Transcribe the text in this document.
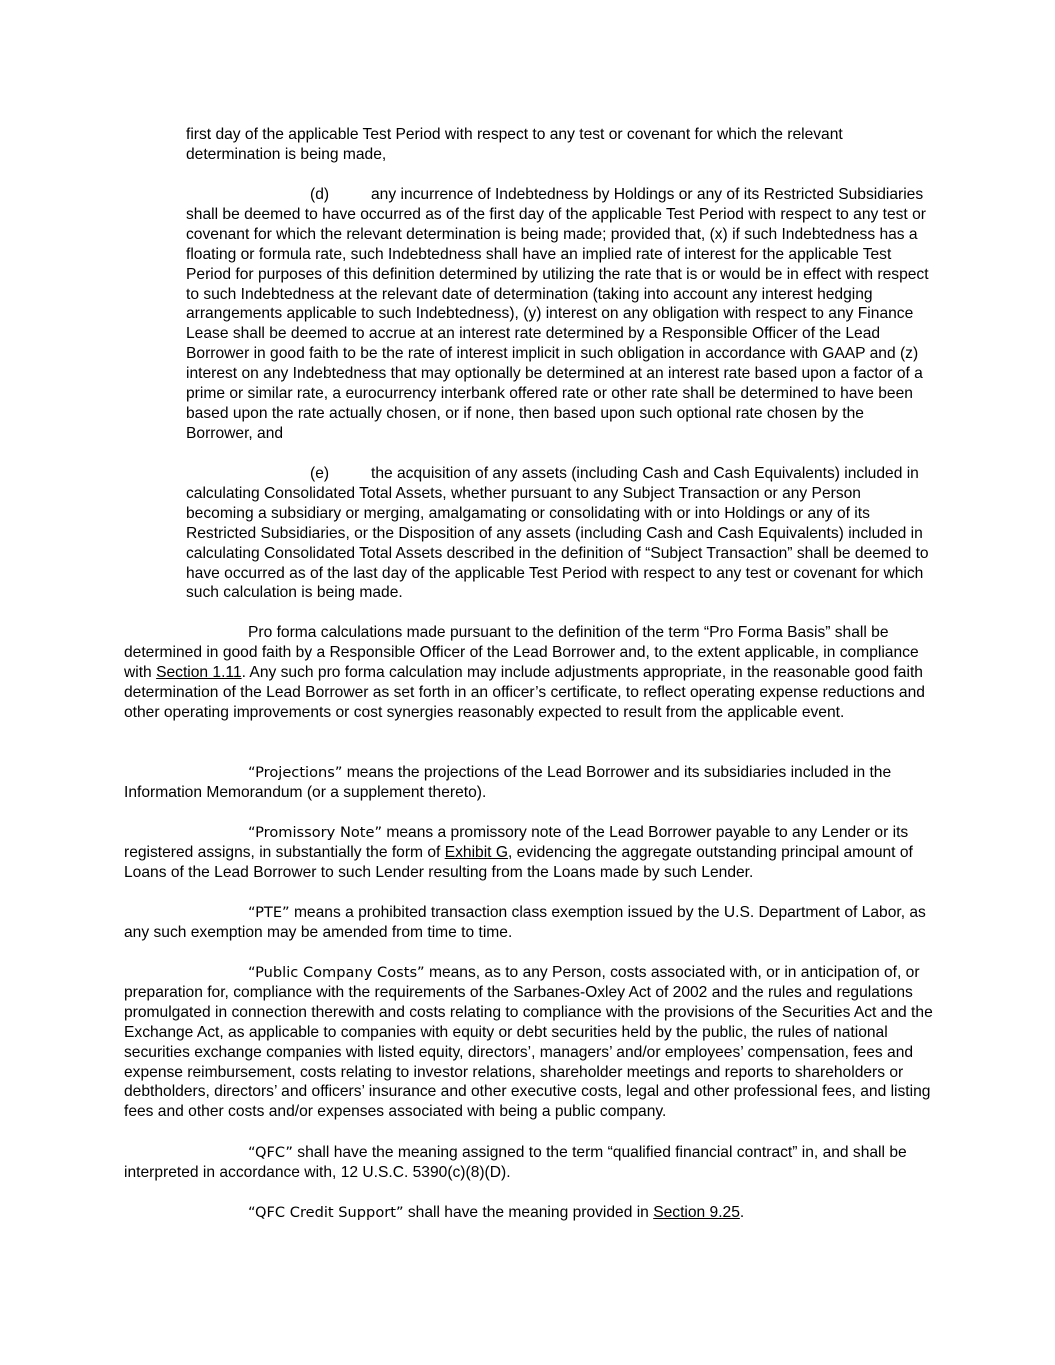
first day of the applicable Test Period with respect to any test or covenant for which the relevant determination is being made,

(d)	any incurrence of Indebtedness by Holdings or any of its Restricted Subsidiaries shall be deemed to have occurred as of the first day of the applicable Test Period with respect to any test or covenant for which the relevant determination is being made; provided that, (x) if such Indebtedness has a floating or formula rate, such Indebtedness shall have an implied rate of interest for the applicable Test Period for purposes of this definition determined by utilizing the rate that is or would be in effect with respect to such Indebtedness at the relevant date of determination (taking into account any interest hedging arrangements applicable to such Indebtedness), (y) interest on any obligation with respect to any Finance Lease shall be deemed to accrue at an interest rate determined by a Responsible Officer of the Lead Borrower in good faith to be the rate of interest implicit in such obligation in accordance with GAAP and (z) interest on any Indebtedness that may optionally be determined at an interest rate based upon a factor of a prime or similar rate, a eurocurrency interbank offered rate or other rate shall be determined to have been based upon the rate actually chosen, or if none, then based upon such optional rate chosen by the Borrower, and

(e)	the acquisition of any assets (including Cash and Cash Equivalents) included in calculating Consolidated Total Assets, whether pursuant to any Subject Transaction or any Person becoming a subsidiary or merging, amalgamating or consolidating with or into Holdings or any of its Restricted Subsidiaries, or the Disposition of any assets (including Cash and Cash Equivalents) included in calculating Consolidated Total Assets described in the definition of “Subject Transaction” shall be deemed to have occurred as of the last day of the applicable Test Period with respect to any test or covenant for which such calculation is being made.

Pro forma calculations made pursuant to the definition of the term “Pro Forma Basis” shall be determined in good faith by a Responsible Officer of the Lead Borrower and, to the extent applicable, in compliance with Section 1.11. Any such pro forma calculation may include adjustments appropriate, in the reasonable good faith determination of the Lead Borrower as set forth in an officer’s certificate, to reflect operating expense reductions and other operating improvements or cost synergies reasonably expected to result from the applicable event.

“Projections” means the projections of the Lead Borrower and its subsidiaries included in the Information Memorandum (or a supplement thereto).

“Promissory Note” means a promissory note of the Lead Borrower payable to any Lender or its registered assigns, in substantially the form of Exhibit G, evidencing the aggregate outstanding principal amount of Loans of the Lead Borrower to such Lender resulting from the Loans made by such Lender.

“PTE” means a prohibited transaction class exemption issued by the U.S. Department of Labor, as any such exemption may be amended from time to time.

“Public Company Costs” means, as to any Person, costs associated with, or in anticipation of, or preparation for, compliance with the requirements of the Sarbanes-Oxley Act of 2002 and the rules and regulations promulgated in connection therewith and costs relating to compliance with the provisions of the Securities Act and the Exchange Act, as applicable to companies with equity or debt securities held by the public, the rules of national securities exchange companies with listed equity, directors’, managers’ and/or employees’ compensation, fees and expense reimbursement, costs relating to investor relations, shareholder meetings and reports to shareholders or debtholders, directors’ and officers’ insurance and other executive costs, legal and other professional fees, and listing fees and other costs and/or expenses associated with being a public company.

“QFC” shall have the meaning assigned to the term “qualified financial contract” in, and shall be interpreted in accordance with, 12 U.S.C. 5390(c)(8)(D).

“QFC Credit Support” shall have the meaning provided in Section 9.25.
